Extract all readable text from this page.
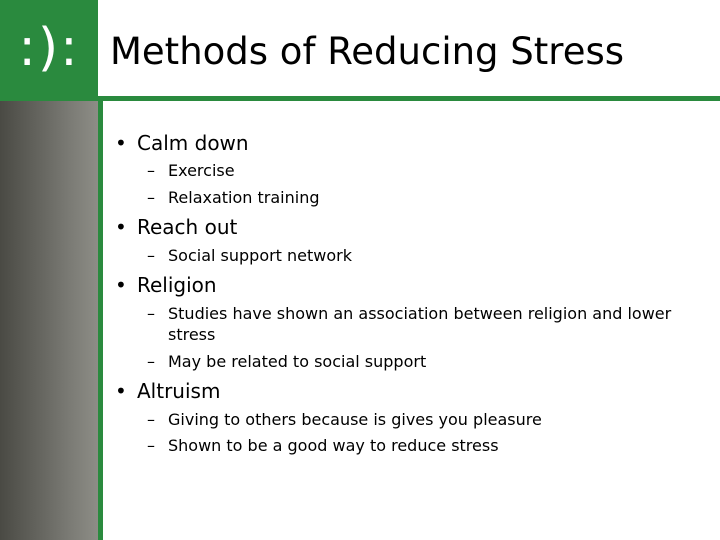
:): Methods of Reducing Stress
• Calm down
– Exercise
– Relaxation training
• Reach out
– Social support network
• Religion
– Studies have shown an association between religion and lower
stress
– May be related to social support
• Altruism
– Giving to others because is gives you pleasure
– Shown to be a good way to reduce stress
